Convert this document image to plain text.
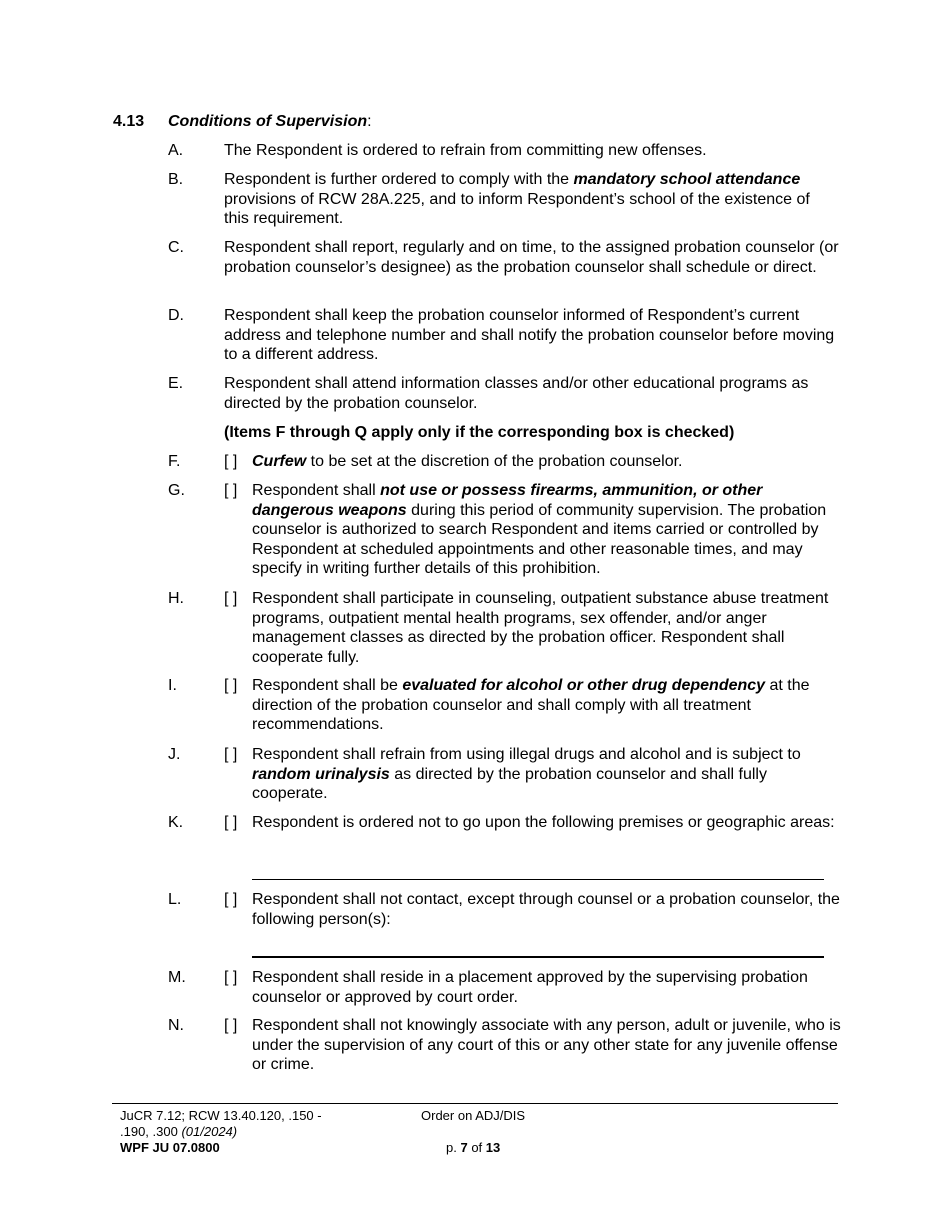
4.13 Conditions of Supervision:
A.	The Respondent is ordered to refrain from committing new offenses.
B.	Respondent is further ordered to comply with the mandatory school attendance provisions of RCW 28A.225, and to inform Respondent’s school of the existence of this requirement.
C.	Respondent shall report, regularly and on time, to the assigned probation counselor (or probation counselor’s designee) as the probation counselor shall schedule or direct.
D.	Respondent shall keep the probation counselor informed of Respondent’s current address and telephone number and shall notify the probation counselor before moving to a different address.
E.	Respondent shall attend information classes and/or other educational programs as directed by the probation counselor.
(Items F through Q apply only if the corresponding box is checked)
F.	[ ] Curfew to be set at the discretion of the probation counselor.
G. [ ] Respondent shall not use or possess firearms, ammunition, or other dangerous weapons during this period of community supervision. The probation counselor is authorized to search Respondent and items carried or controlled by Respondent at scheduled appointments and other reasonable times, and may specify in writing further details of this prohibition.
H.	[ ] Respondent shall participate in counseling, outpatient substance abuse treatment programs, outpatient mental health programs, sex offender, and/or anger management classes as directed by the probation officer. Respondent shall cooperate fully.
I.	[ ] Respondent shall be evaluated for alcohol or other drug dependency at the direction of the probation counselor and shall comply with all treatment recommendations.
J.	[ ] Respondent shall refrain from using illegal drugs and alcohol and is subject to random urinalysis as directed by the probation counselor and shall fully cooperate.
K.	[ ] Respondent is ordered not to go upon the following premises or geographic areas:
L.	[ ] Respondent shall not contact, except through counsel or a probation counselor, the following person(s):
M. [ ] Respondent shall reside in a placement approved by the supervising probation counselor or approved by court order.
N.	[ ] Respondent shall not knowingly associate with any person, adult or juvenile, who is under the supervision of any court of this or any other state for any juvenile offense or crime.
JuCR 7.12; RCW 13.40.120, .150 -
.190, .300 (01/2024)
WPF JU 07.0800
Order on ADJ/DIS
p. 7 of 13
